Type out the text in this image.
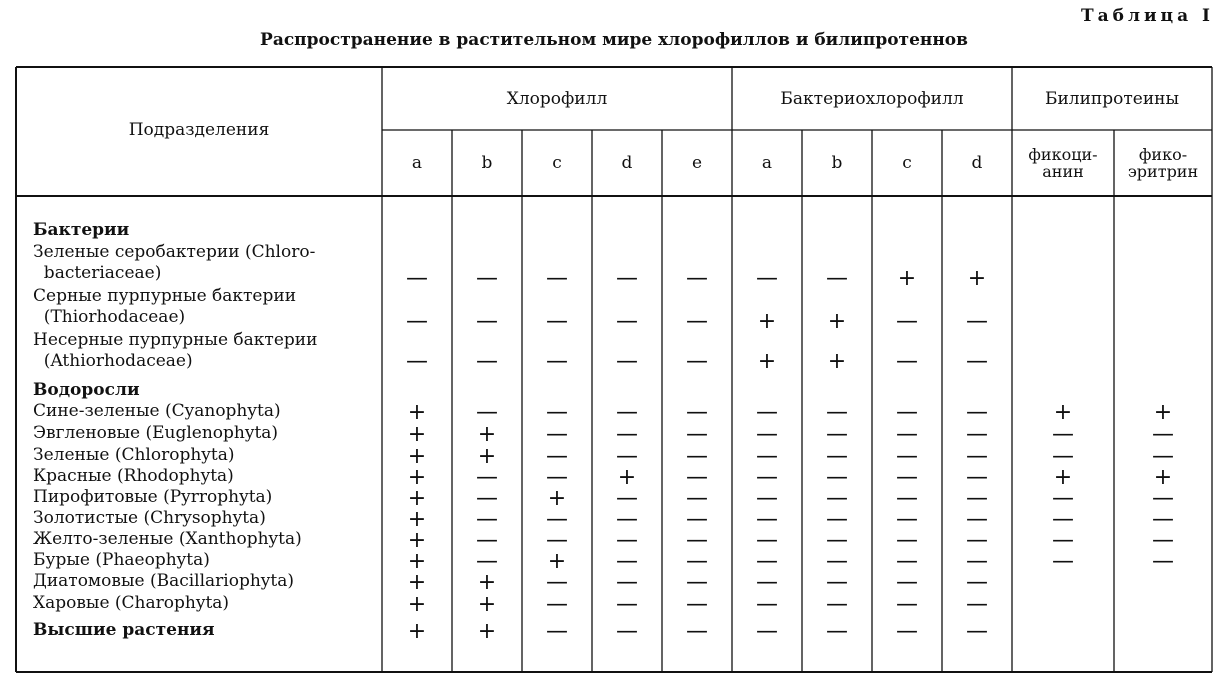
Таблица I
Распространение в растительном мире хлорофиллов и билипротеннов
Подразделения
Хлорофилл	Бактериохлорофилл	Билипротеины
a	b	c	d	e	a	b	c	d	фикоци-
анин
фико-
эритрин
Бактерии
Водоросли
Зеленые серобактерии (Chloro-
bacteriaceae)	—	—	—	—	—	—	—	+	+
Серные пурпурные бактерии
(Thiorhodaceae)	—	—	—	—	—	+	+	—	—
Несерные пурпурные бактерии
(Athiorhodaceae)	—	—	—	—	—	+	+	—	—
Сине-зеленые (Cyanophyta)	+	—	—	—	—	—	—	—	—	+	+
Эвгленовые (Euglenophyta)	+	+	—	—	—	—	—	—	—	—	—
Зеленые (Chlorophyta)	+	+	—	—	—	—	—	—	—	—	—
Красные (Rhodophyta)	+	—	—	+	—	—	—	—	—	+	+
Пирофитовые (Pyrrophyta)	+	—	+	—	—	—	—	—	—	—	—
Золотистые (Chrysophyta)	+	—	—	—	—	—	—	—	—	—	—
Желто-зеленые (Xanthophyta)	+	—	—	—	—	—	—	—	—	—	—
Бурые (Phaeophyta)	+	—	+	—	—	—	—	—	—	—	—
Диатомовые (Bacillariophyta)	+	+	—	—	—	—	—	—	—
Харовые (Charophyta)	+	+	—	—	—	—	—	—	—
Высшие растения	+	+	—	—	—	—	—	—	—
